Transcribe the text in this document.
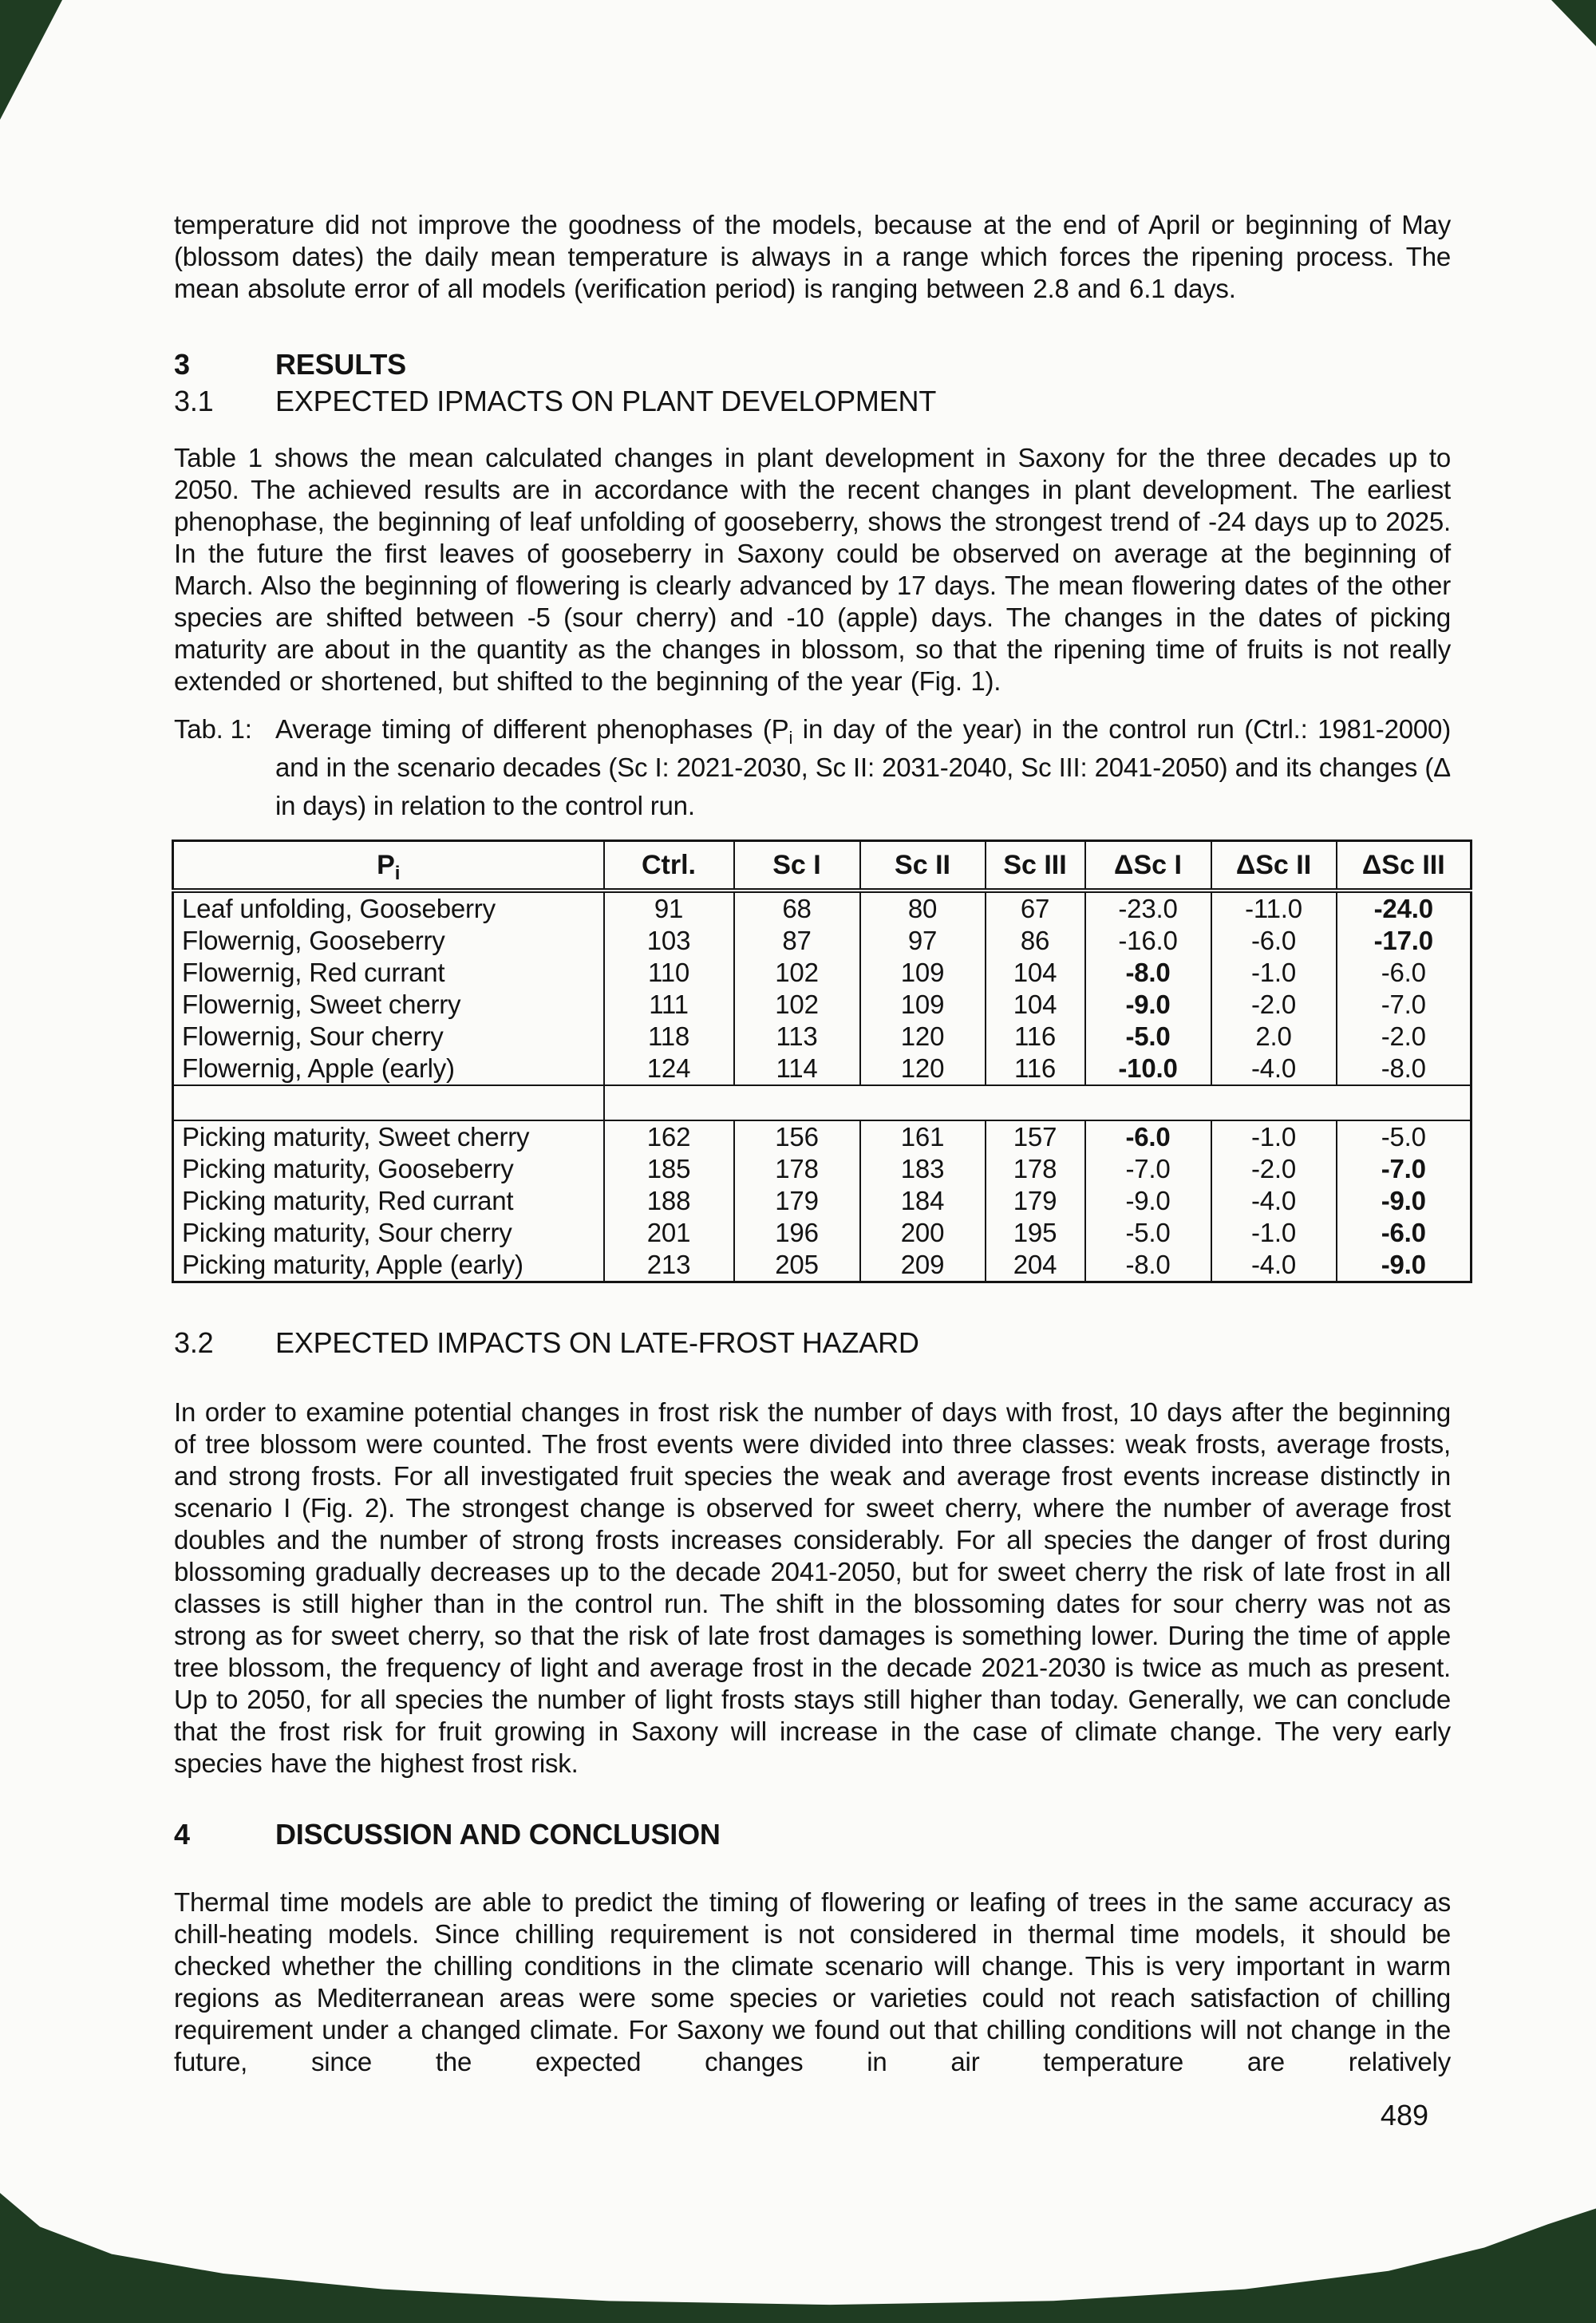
temperature did not improve the goodness of the models, because at the end of April or beginning of May (blossom dates) the daily mean temperature is always in a range which forces the ripening process. The mean absolute error of all models (verification period) is ranging between 2.8 and 6.1 days.

3	RESULTS
3.1	EXPECTED IPMACTS ON PLANT DEVELOPMENT

Table 1 shows the mean calculated changes in plant development in Saxony for the three decades up to 2050. The achieved results are in accordance with the recent changes in plant development. The earliest phenophase, the beginning of leaf unfolding of gooseberry, shows the strongest trend of -24 days up to 2025. In the future the first leaves of gooseberry in Saxony could be observed on average at the beginning of March. Also the beginning of flowering is clearly advanced by 17 days. The mean flowering dates of the other species are shifted between -5 (sour cherry) and -10 (apple) days. The changes in the dates of picking maturity are about in the quantity as the changes in blossom, so that the ripening time of fruits is not really extended or shortened, but shifted to the beginning of the year (Fig. 1).

Tab. 1: Average timing of different phenophases ($P_i$ in day of the year) in the control run (Ctrl.: 1981-2000) and in the scenario decades (Sc I: 2021-2030, Sc II: 2031-2040, Sc III: 2041-2050) and its changes (Δ in days) in relation to the control run.
$P_i$	Ctrl.	Sc I	Sc II	Sc III	ΔSc I	ΔSc II	ΔSc III
Leaf unfolding, Gooseberry	91	68	80	67	-23.0	-11.0	-24.0
Flowernig, Gooseberry	103	87	97	86	-16.0	-6.0	-17.0
Flowernig, Red currant	110	102	109	104	-8.0	-1.0	-6.0
Flowernig, Sweet cherry	111	102	109	104	-9.0	-2.0	-7.0
Flowernig, Sour cherry	118	113	120	116	-5.0	2.0	-2.0
Flowernig, Apple (early)	124	114	120	116	-10.0	-4.0	-8.0

Picking maturity, Sweet cherry	162	156	161	157	-6.0	-1.0	-5.0
Picking maturity, Gooseberry	185	178	183	178	-7.0	-2.0	-7.0
Picking maturity, Red currant	188	179	184	179	-9.0	-4.0	-9.0
Picking maturity, Sour cherry	201	196	200	195	-5.0	-1.0	-6.0
Picking maturity, Apple (early)	213	205	209	204	-8.0	-4.0	-9.0
3.2	EXPECTED IMPACTS ON LATE-FROST HAZARD

In order to examine potential changes in frost risk the number of days with frost, 10 days after the beginning of tree blossom were counted. The frost events were divided into three classes: weak frosts, average frosts, and strong frosts. For all investigated fruit species the weak and average frost events increase distinctly in scenario I (Fig. 2). The strongest change is observed for sweet cherry, where the number of average frost doubles and the number of strong frosts increases considerably. For all species the danger of frost during blossoming gradually decreases up to the decade 2041-2050, but for sweet cherry the risk of late frost in all classes is still higher than in the control run. The shift in the blossoming dates for sour cherry was not as strong as for sweet cherry, so that the risk of late frost damages is something lower. During the time of apple tree blossom, the frequency of light and average frost in the decade 2021-2030 is twice as much as present. Up to 2050, for all species the number of light frosts stays still higher than today. Generally, we can conclude that the frost risk for fruit growing in Saxony will increase in the case of climate change. The very early species have the highest frost risk.

4	DISCUSSION AND CONCLUSION

Thermal time models are able to predict the timing of flowering or leafing of trees in the same accuracy as chill-heating models. Since chilling requirement is not considered in thermal time models, it should be checked whether the chilling conditions in the climate scenario will change. This is very important in warm regions as Mediterranean areas were some species or varieties could not reach satisfaction of chilling requirement under a changed climate. For Saxony we found out that chilling conditions will not change in the future, since the expected changes in air temperature are relatively

489
